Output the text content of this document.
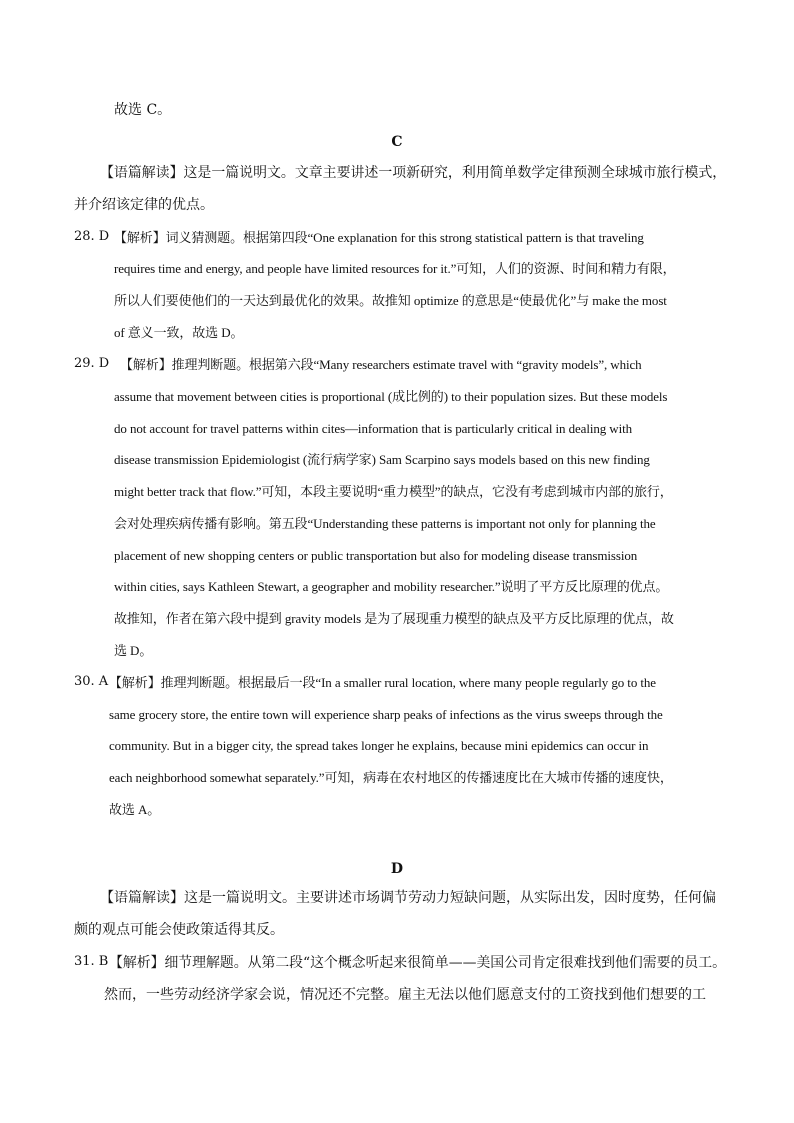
故选 C。
C
【语篇解读】这是一篇说明文。文章主要讲述一项新研究，利用简单数学定律预测全球城市旅行模式，
并介绍该定律的优点。
28. D 【解析】词义猜测题。根据第四段“One explanation for this strong statistical pattern is that traveling
requires time and energy, and people have limited resources for it.”可知，人们的资源、时间和精力有限，
所以人们要使他们的一天达到最优化的效果。故推知 optimize 的意思是“使最优化”与 make the most
of 意义一致，故选 D。
29. D 【解析】推理判断题。根据第六段“Many researchers estimate travel with “gravity models”, which
assume that movement between cities is proportional (成比例的) to their population sizes. But these models
do not account for travel patterns within cites—information that is particularly critical in dealing with
disease transmission Epidemiologist (流行病学家) Sam Scarpino says models based on this new finding
might better track that flow.”可知，本段主要说明“重力模型”的缺点，它没有考虑到城市内部的旅行，
会对处理疾病传播有影响。第五段“Understanding these patterns is important not only for planning the
placement of new shopping centers or public transportation but also for modeling disease transmission
within cities, says Kathleen Stewart, a geographer and mobility researcher.”说明了平方反比原理的优点。
故推知，作者在第六段中提到 gravity models 是为了展现重力模型的缺点及平方反比原理的优点，故
选 D。
30. A 【解析】推理判断题。根据最后一段“In a smaller rural location, where many people regularly go to the
same grocery store, the entire town will experience sharp peaks of infections as the virus sweeps through the
community. But in a bigger city, the spread takes longer he explains, because mini epidemics can occur in
each neighborhood somewhat separately.”可知，病毒在农村地区的传播速度比在大城市传播的速度快，
故选 A。
D
【语篇解读】这是一篇说明文。主要讲述市场调节劳动力短缺问题，从实际出发，因时度势，任何偏
颇的观点可能会使政策适得其反。
31. B 【解析】细节理解题。从第二段“这个概念听起来很简单——美国公司肯定很难找到他们需要的员工。
然而，一些劳动经济学家会说，情况还不完整。雇主无法以他们愿意支付的工资找到他们想要的工
